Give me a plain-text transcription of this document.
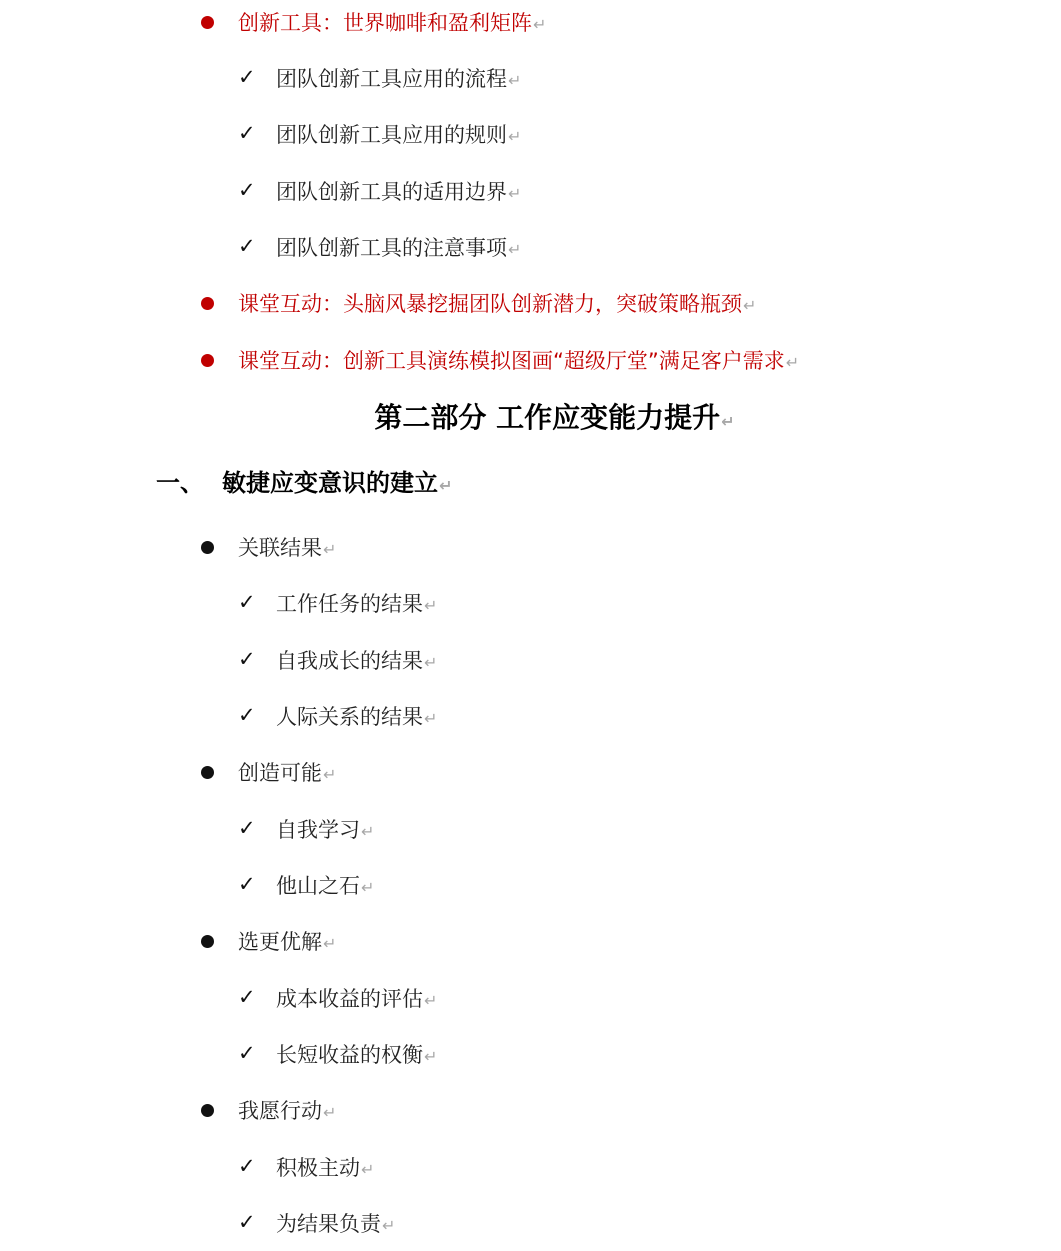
创新工具：世界咖啡和盈利矩阵↵
✓ 团队创新工具应用的流程↵
✓ 团队创新工具应用的规则↵
✓ 团队创新工具的适用边界↵
✓ 团队创新工具的注意事项↵
课堂互动：头脑风暴挖掘团队创新潜力，突破策略瓶颈↵
课堂互动：创新工具演练模拟图画“超级厅堂”满足客户需求↵
第二部分 工作应变能力提升↵
一、 敏捷应变意识的建立↵
关联结果↵
✓ 工作任务的结果↵
✓ 自我成长的结果↵
✓ 人际关系的结果↵
创造可能↵
✓ 自我学习↵
✓ 他山之石↵
选更优解↵
✓ 成本收益的评估↵
✓ 长短收益的权衡↵
我愿行动↵
✓ 积极主动↵
✓ 为结果负责↵
